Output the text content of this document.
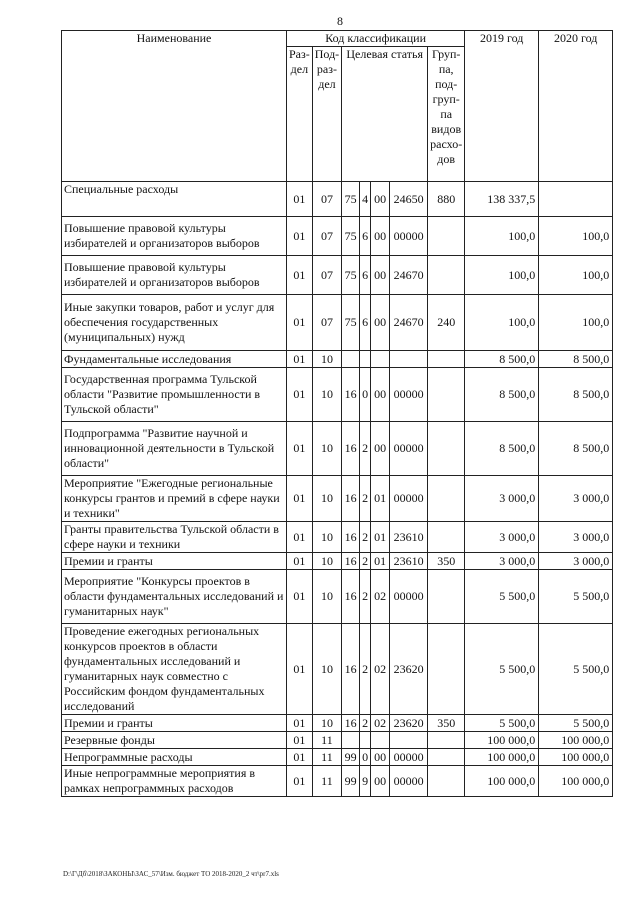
8
Наименование	Код классификации							2019 год	2020 год
	Раз-дел	Под-раз-дел	Целевая статья				Груп-па, под-груп-па видов расхо-дов		
Специальные расходы	01	07	75	4	00	24650	880	138 337,5	
Повышение правовой культуры избирателей и организаторов выборов	01	07	75	6	00	00000		100,0	100,0
Повышение правовой культуры избирателей и организаторов выборов	01	07	75	6	00	24670		100,0	100,0
Иные закупки товаров, работ и услуг для обеспечения государственных (муниципальных) нужд	01	07	75	6	00	24670	240	100,0	100,0
Фундаментальные исследования	01	10						8 500,0	8 500,0
Государственная программа Тульской области "Развитие промышленности в Тульской области"	01	10	16	0	00	00000		8 500,0	8 500,0
Подпрограмма "Развитие научной и инновационной деятельности в Тульской области"	01	10	16	2	00	00000		8 500,0	8 500,0
Мероприятие "Ежегодные региональные конкурсы грантов и премий в сфере науки и техники"	01	10	16	2	01	00000		3 000,0	3 000,0
Гранты правительства Тульской области в сфере науки и техники	01	10	16	2	01	23610		3 000,0	3 000,0
Премии и гранты	01	10	16	2	01	23610	350	3 000,0	3 000,0
Мероприятие "Конкурсы проектов в области фундаментальных исследований и гуманитарных наук"	01	10	16	2	02	00000		5 500,0	5 500,0
Проведение ежегодных региональных конкурсов проектов в области фундаментальных исследований и гуманитарных наук совместно с Российским фондом фундаментальных исследований	01	10	16	2	02	23620		5 500,0	5 500,0
Премии и гранты	01	10	16	2	02	23620	350	5 500,0	5 500,0
Резервные фонды	01	11						100 000,0	100 000,0
Непрограммные расходы	01	11	99	0	00	00000		100 000,0	100 000,0
Иные непрограммные мероприятия в рамках непрограммных расходов	01	11	99	9	00	00000		100 000,0	100 000,0
D:\Г\Дб\2018\ЗАКОНЫ\ЗАС_57\Изм. бюджет ТО 2018-2020_2 чт\pr7.xls
